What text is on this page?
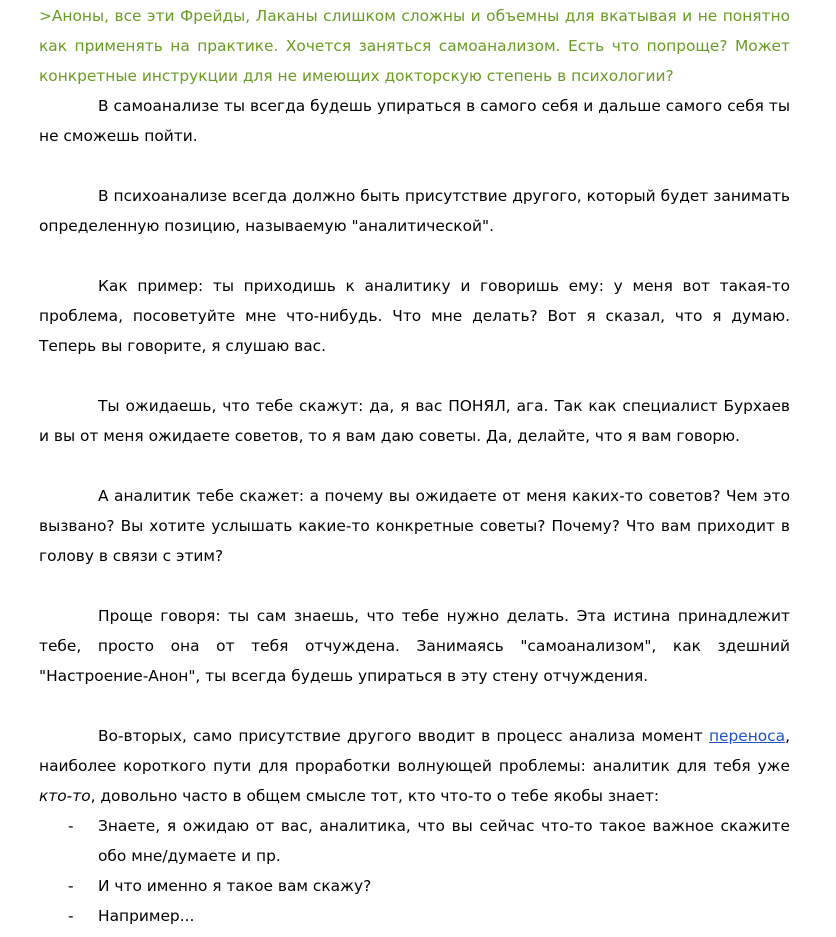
>Аноны, все эти Фрейды, Лаканы слишком сложны и объемны для вкатывая и не понятно как применять на практике. Хочется заняться самоанализом. Есть что попроще? Может конкретные инструкции для не имеющих докторскую степень в психологии?

В самоанализе ты всегда будешь упираться в самого себя и дальше самого себя ты не сможешь пойти.

В психоанализе всегда должно быть присутствие другого, который будет занимать определенную позицию, называемую "аналитической".

Как пример: ты приходишь к аналитику и говоришь ему: у меня вот такая-то проблема, посоветуйте мне что-нибудь. Что мне делать? Вот я сказал, что я думаю. Теперь вы говорите, я слушаю вас.

Ты ожидаешь, что тебе скажут: да, я вас ПОНЯЛ, ага. Так как специалист Бурхаев и вы от меня ожидаете советов, то я вам даю советы. Да, делайте, что я вам говорю.

А аналитик тебе скажет: а почему вы ожидаете от меня каких-то советов? Чем это вызвано? Вы хотите услышать какие-то конкретные советы? Почему? Что вам приходит в голову в связи с этим?

Проще говоря: ты сам знаешь, что тебе нужно делать. Эта истина принадлежит тебе, просто она от тебя отчуждена. Занимаясь "самоанализом", как здешний "Настроение-Анон", ты всегда будешь упираться в эту стену отчуждения.

Во-вторых, само присутствие другого вводит в процесс анализа момент переноса, наиболее короткого пути для проработки волнующей проблемы: аналитик для тебя уже кто-то, довольно часто в общем смысле тот, кто что-то о тебе якобы знает:

- Знаете, я ожидаю от вас, аналитика, что вы сейчас что-то такое важное скажите обо мне/думаете и пр.
- И что именно я такое вам скажу?
- Например...
